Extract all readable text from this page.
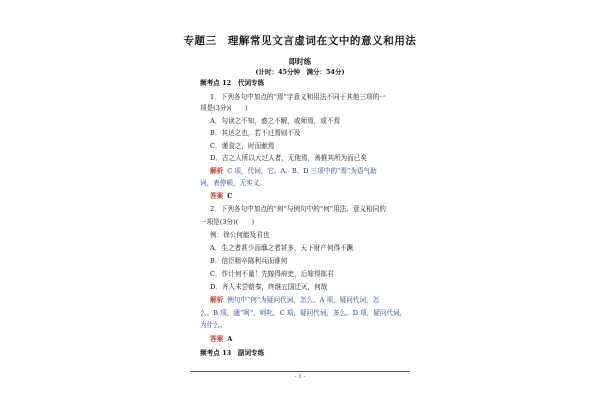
专题三　理解常见文言虚词在文中的意义和用法
即时练
(计时：45分钟　满分：54分)
频考点 12　代词专练
1．下列各句中加点的“焉”字意义和用法不同于其他三项的一
项是(3分)(　　)
A．句读之不知，惑之不解，或师焉，或不焉
B．其达之也，若不过焉则不及
C．谨食之，时而献焉
D．古之人所以大过人者，无他焉，善推其所为而已矣
解析 C 项，代词，它。A、B、D 三项中的“焉”为语气助
词，表停顿，无实义。
答案 C
2．下列各句中加点的“何”与例句中的“何”用法、意义相同的
一项是(3分)(　　)
例：徐公何能及君也
A．生之者甚少而靡之者甚多，天下财产何得不蹶
B．信臣精卒陈利兵而谁何
C．作计何不量！先嫁得府吏，后嫁得郎君
D．齐人未尝赂秦，终继五国迁灭，何哉
解析 例句中“何”为疑问代词，怎么。A 项，疑问代词，怎
么。B 项，通“呵”，呵叱。C 项，疑问代词，多么。D 项，疑问代词，
为什么。
答案 A
频考点 13　副词专练
- 1 -
